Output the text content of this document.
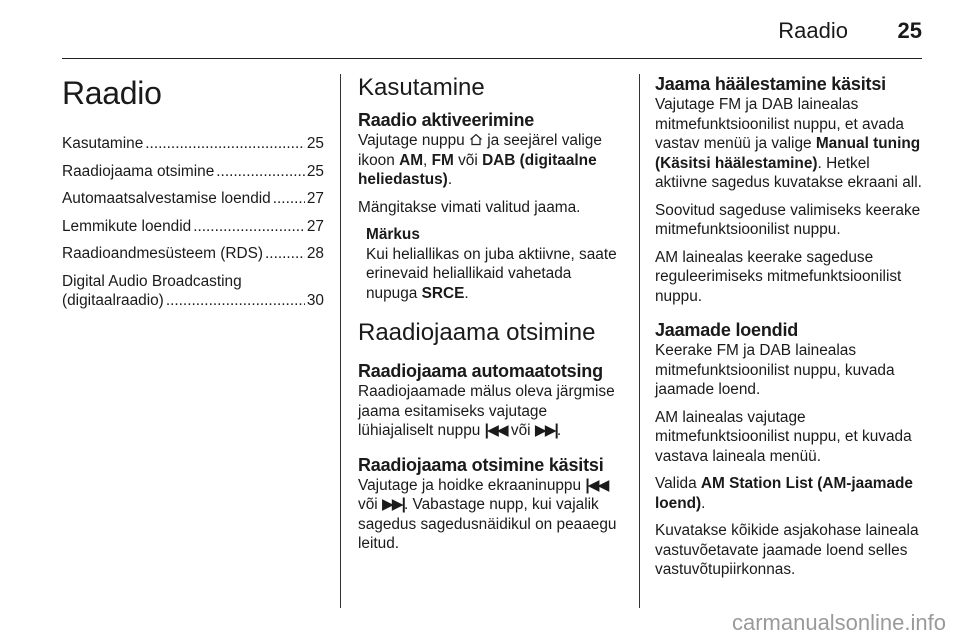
Raadio 25
Raadio
Kasutamine .....	25
Raadiojaama otsimine .....	25
Automaatsalvestamise loendid ..... 27
Lemmikute loendid .....	27
Raadioandmesüsteem (RDS) .....	28
Digital Audio Broadcasting
(digitaalraadio) .....	30
Kasutamine
Raadio aktiveerimine

Vajutage nuppu ja seejärel valige ikoon AM, FM või DAB (digitaalne heliedastus).

Mängitakse vimati valitud jaama.

Märkus
Kui heliallikas on juba aktiivne, saate erinevaid heliallikaid vahetada nupuga SRCE.
Raadiojaama otsimine
Raadiojaama automaatotsing

Raadiojaamade mälus oleva järgmise jaama esitamiseks vajutage lühiajaliselt nuppu |◀◀ või ▶▶|.

Raadiojaama otsimine käsitsi

Vajutage ja hoidke ekraaninuppu |◀◀ või ▶▶|. Vabastage nupp, kui vajalik sagedus sagedusnäidikul on peaaegu leitud.

Jaama häälestamine käsitsi

Vajutage FM ja DAB lainealas mitmefunktsioonilist nuppu, et avada vastav menüü ja valige Manual tuning (Käsitsi häälestamine). Hetkel aktiivne sagedus kuvatakse ekraani all.

Soovitud sageduse valimiseks keerake mitmefunktsioonilist nuppu.

AM lainealas keerake sageduse reguleerimiseks mitmefunktsioonilist nuppu.

Jaamade loendid

Keerake FM ja DAB lainealas mitmefunktsioonilist nuppu, kuvada jaamade loend.

AM lainealas vajutage mitmefunktsioonilist nuppu, et kuvada vastava laineala menüü.

Valida AM Station List (AM-jaamade loend).

Kuvatakse kõikide asjakohase laineala vastuvõetavate jaamade loend selles vastuvõtupiirkonnas.

carmanualsonline.info
